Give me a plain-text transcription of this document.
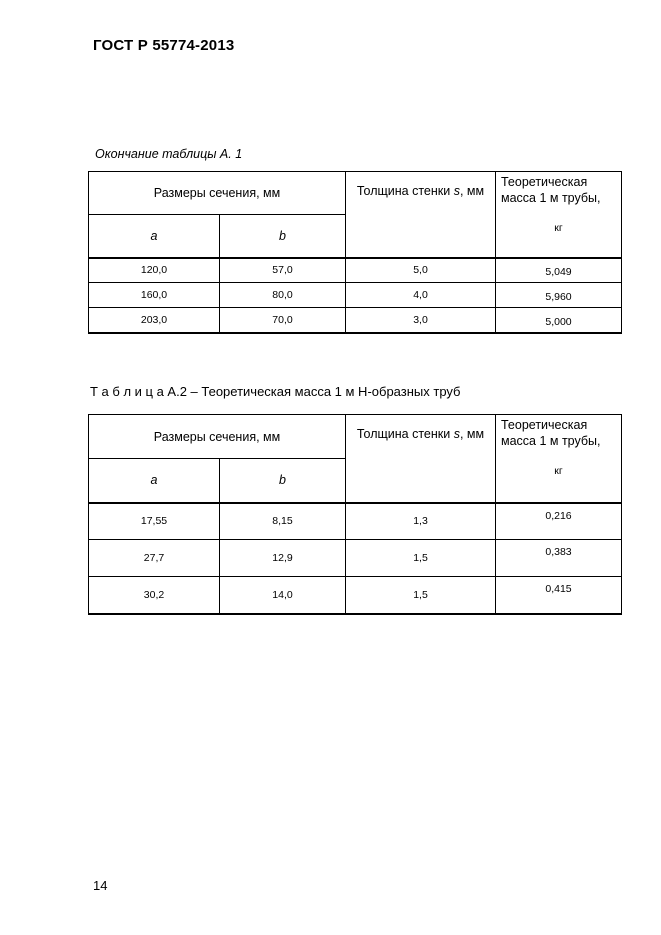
ГОСТ Р 55774-2013
Окончание таблицы А. 1
Размеры сечения, мм		Толщина стенки s, мм	Теоретическая масса 1 м трубы,
кг

a	b		
120,0	57,0	5,0	5,049
160,0	80,0	4,0	5,960
203,0	70,0	3,0	5,000
Т а б л и ц а А.2 – Теоретическая масса 1 м Н-образных труб
Размеры сечения, мм		Толщина стенки s, мм	Теоретическая масса 1 м трубы,
кг

a	b		
17,55	8,15	1,3	0,216
27,7	12,9	1,5	0,383
30,2	14,0	1,5	0,415
14
